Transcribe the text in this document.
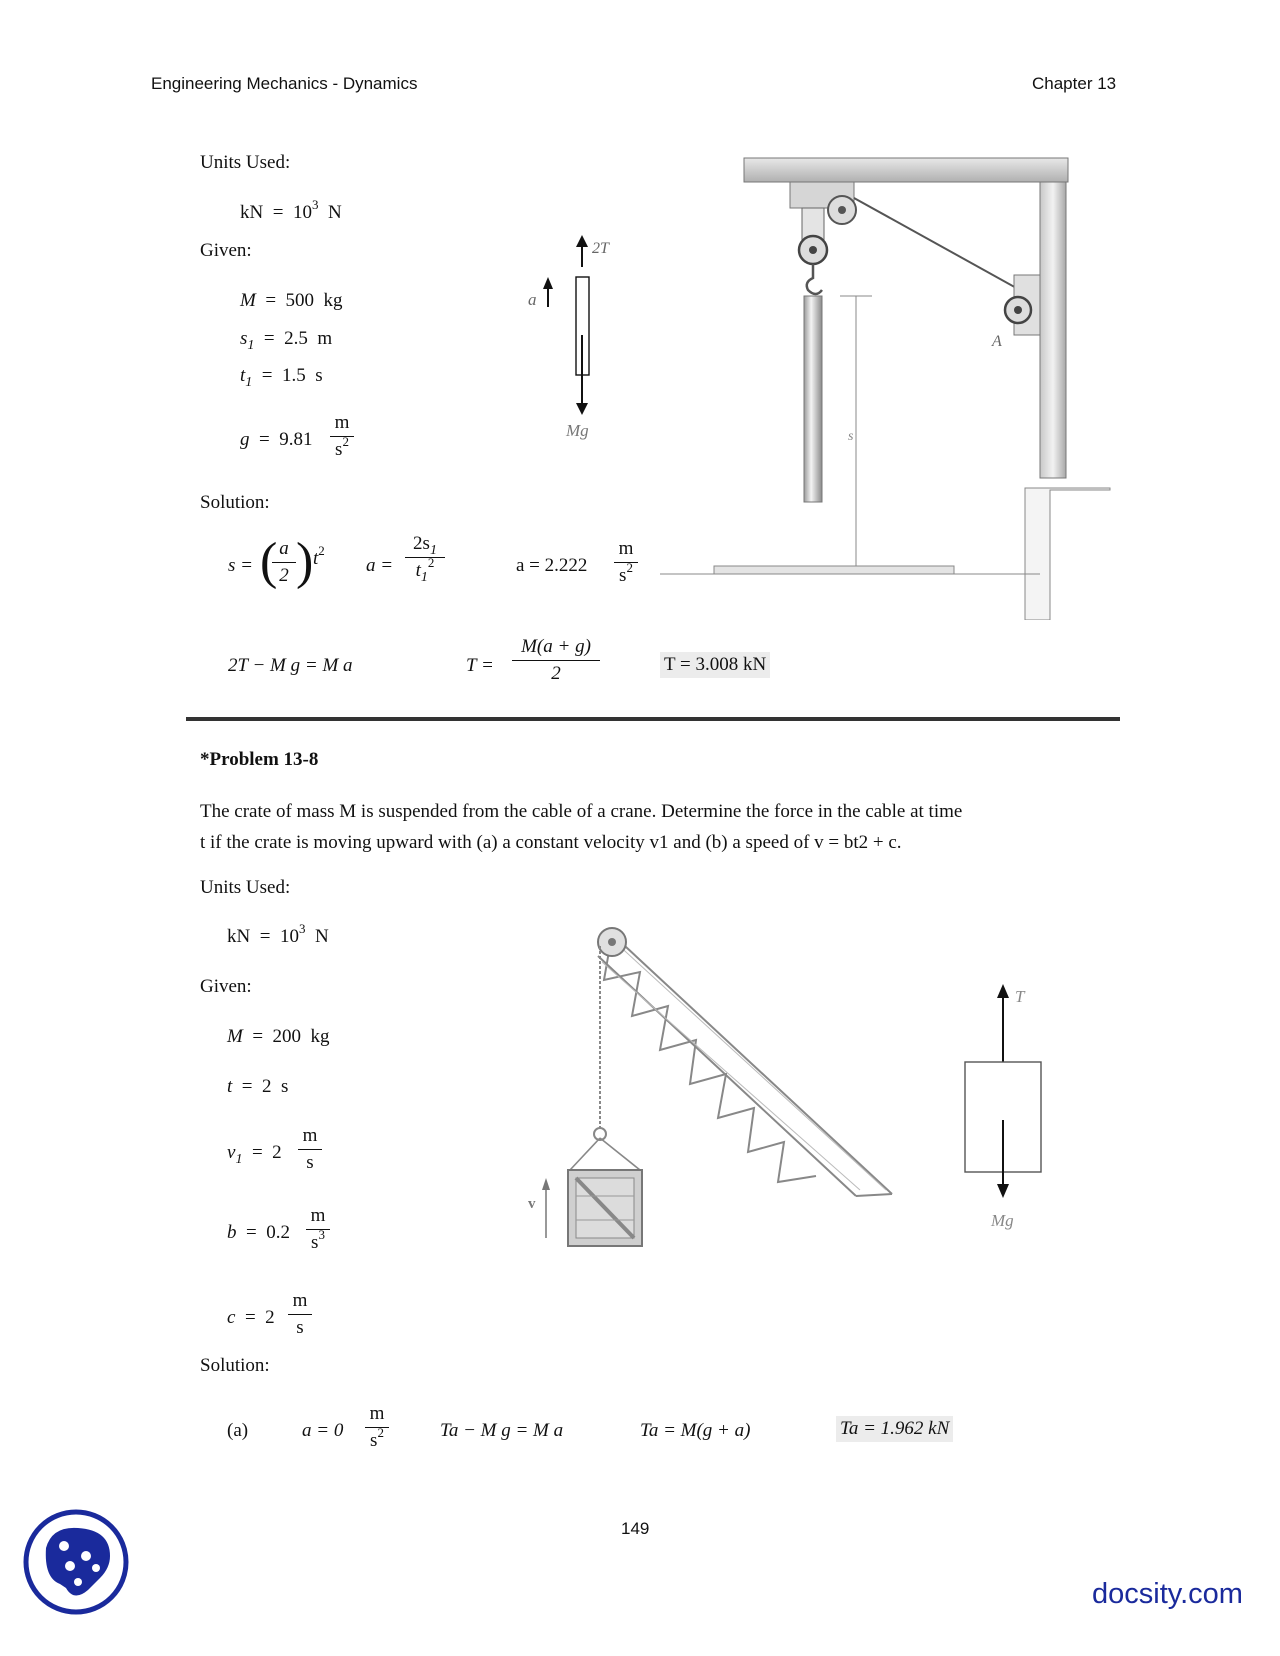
Engineering Mechanics - Dynamics	Chapter 13
Units Used:
kN = $10^3$ N
Given:
M  =  500 kg
$s_1 = 2.5$ m
$t_1 = 1.5$ s
g  =  9.81
m
$s^2$
Solution:
s = ( a
2 ) $t^2$
a =
$2s_1$
$t_1^2$	a = 2.222
m
$s^2$
2T − M g = M a	T =
M(a + g)
2	T = 3.008 kN
2T
a
Mg	s
A
*Problem 13-8
The crate of mass M is suspended from the cable of a crane. Determine the force in the cable at time
t if the crate is moving upward with (a) a constant velocity v1 and (b) a speed of v = bt2 + c.
Units Used:
kN = $10^3$ N
Given:
M  =  200 kg
t  =  2 s
$v_1 = 2$
m
s
b  =  0.2
m
$s^3$
c  =  2
m
s
Solution:
(a)	a = 0
m
$s^2$	Ta − M g = M a	Ta = M(g + a)	Ta = 1.962 kN
v
T
Mg
149
docsity.com
